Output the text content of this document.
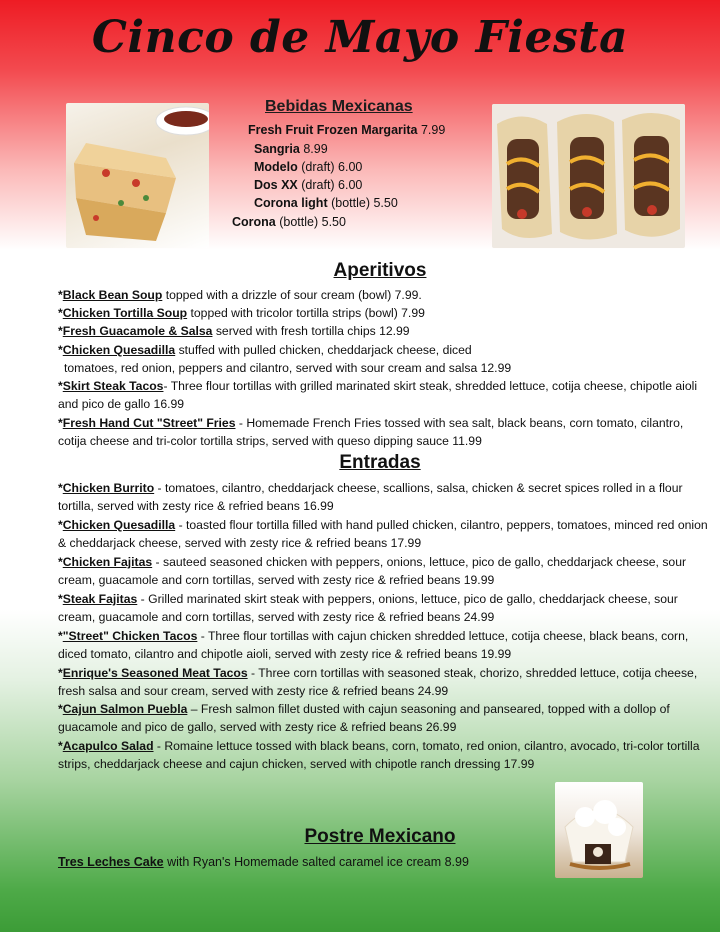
Cinco de Mayo Fiesta
Bebidas Mexicanas
Fresh Fruit Frozen Margarita 7.99
Sangria 8.99
Modelo (draft) 6.00
Dos XX (draft) 6.00
Corona light (bottle) 5.50
Corona (bottle) 5.50
Aperitivos
*Black Bean Soup topped with a drizzle of sour cream (bowl) 7.99.
*Chicken Tortilla Soup topped with tricolor tortilla strips (bowl) 7.99
*Fresh Guacamole & Salsa served with fresh tortilla chips 12.99
*Chicken Quesadilla stuffed with pulled chicken, cheddarjack cheese, diced
tomatoes, red onion, peppers and cilantro, served with sour cream and salsa 12.99
*Skirt Steak Tacos- Three flour tortillas with grilled marinated skirt steak, shredded lettuce, cotija cheese, chipotle aioli and pico de gallo 16.99
*Fresh Hand Cut "Street" Fries - Homemade French Fries tossed with sea salt, black beans, corn tomato, cilantro, cotija cheese and tri-color tortilla strips, served with queso dipping sauce 11.99
Entradas
*Chicken Burrito - tomatoes, cilantro, cheddarjack cheese, scallions, salsa, chicken & secret spices rolled in a flour tortilla, served with zesty rice & refried beans 16.99
*Chicken Quesadilla - toasted flour tortilla filled with hand pulled chicken, cilantro, peppers, tomatoes, minced red onion & cheddarjack cheese, served with zesty rice & refried beans 17.99
*Chicken Fajitas - sauteed seasoned chicken with peppers, onions, lettuce, pico de gallo, cheddarjack cheese, sour cream, guacamole and corn tortillas, served with zesty rice & refried beans 19.99
*Steak Fajitas - Grilled marinated skirt steak with peppers, onions, lettuce, pico de gallo, cheddarjack cheese, sour cream, guacamole and corn tortillas, served with zesty rice & refried beans 24.99
*"Street" Chicken Tacos - Three flour tortillas with cajun chicken shredded lettuce, cotija cheese, black beans, corn, diced tomato, cilantro and chipotle aioli, served with zesty rice & refried beans 19.99
*Enrique's Seasoned Meat Tacos - Three corn tortillas with seasoned steak, chorizo, shredded lettuce, cotija cheese, fresh salsa and sour cream, served with zesty rice & refried beans 24.99
*Cajun Salmon Puebla – Fresh salmon fillet dusted with cajun seasoning and panseared, topped with a dollop of guacamole and pico de gallo, served with zesty rice & refried beans 26.99
*Acapulco Salad - Romaine lettuce tossed with black beans, corn, tomato, red onion, cilantro, avocado, tri-color tortilla strips, cheddarjack cheese and cajun chicken, served with chipotle ranch dressing 17.99
Postre Mexicano
Tres Leches Cake with Ryan's Homemade salted caramel ice cream 8.99
